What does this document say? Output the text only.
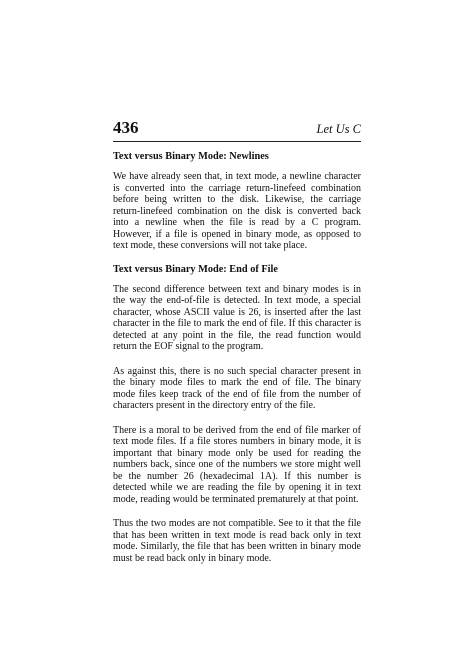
436	Let Us C
Text versus Binary Mode: Newlines

We have already seen that, in text mode, a newline character is converted into the carriage return-linefeed combination before being written to the disk. Likewise, the carriage return-linefeed combination on the disk is converted back into a newline when the file is read by a C program. However, if a file is opened in binary mode, as opposed to text mode, these conversions will not take place.

Text versus Binary Mode: End of File

The second difference between text and binary modes is in the way the end-of-file is detected. In text mode, a special character, whose ASCII value is 26, is inserted after the last character in the file to mark the end of file. If this character is detected at any point in the file, the read function would return the EOF signal to the program.

As against this, there is no such special character present in the binary mode files to mark the end of file. The binary mode files keep track of the end of file from the number of characters present in the directory entry of the file.

There is a moral to be derived from the end of file marker of text mode files. If a file stores numbers in binary mode, it is important that binary mode only be used for reading the numbers back, since one of the numbers we store might well be the number 26 (hexadecimal 1A). If this number is detected while we are reading the file by opening it in text mode, reading would be terminated prematurely at that point.

Thus the two modes are not compatible. See to it that the file that has been written in text mode is read back only in text mode. Similarly, the file that has been written in binary mode must be read back only in binary mode.
